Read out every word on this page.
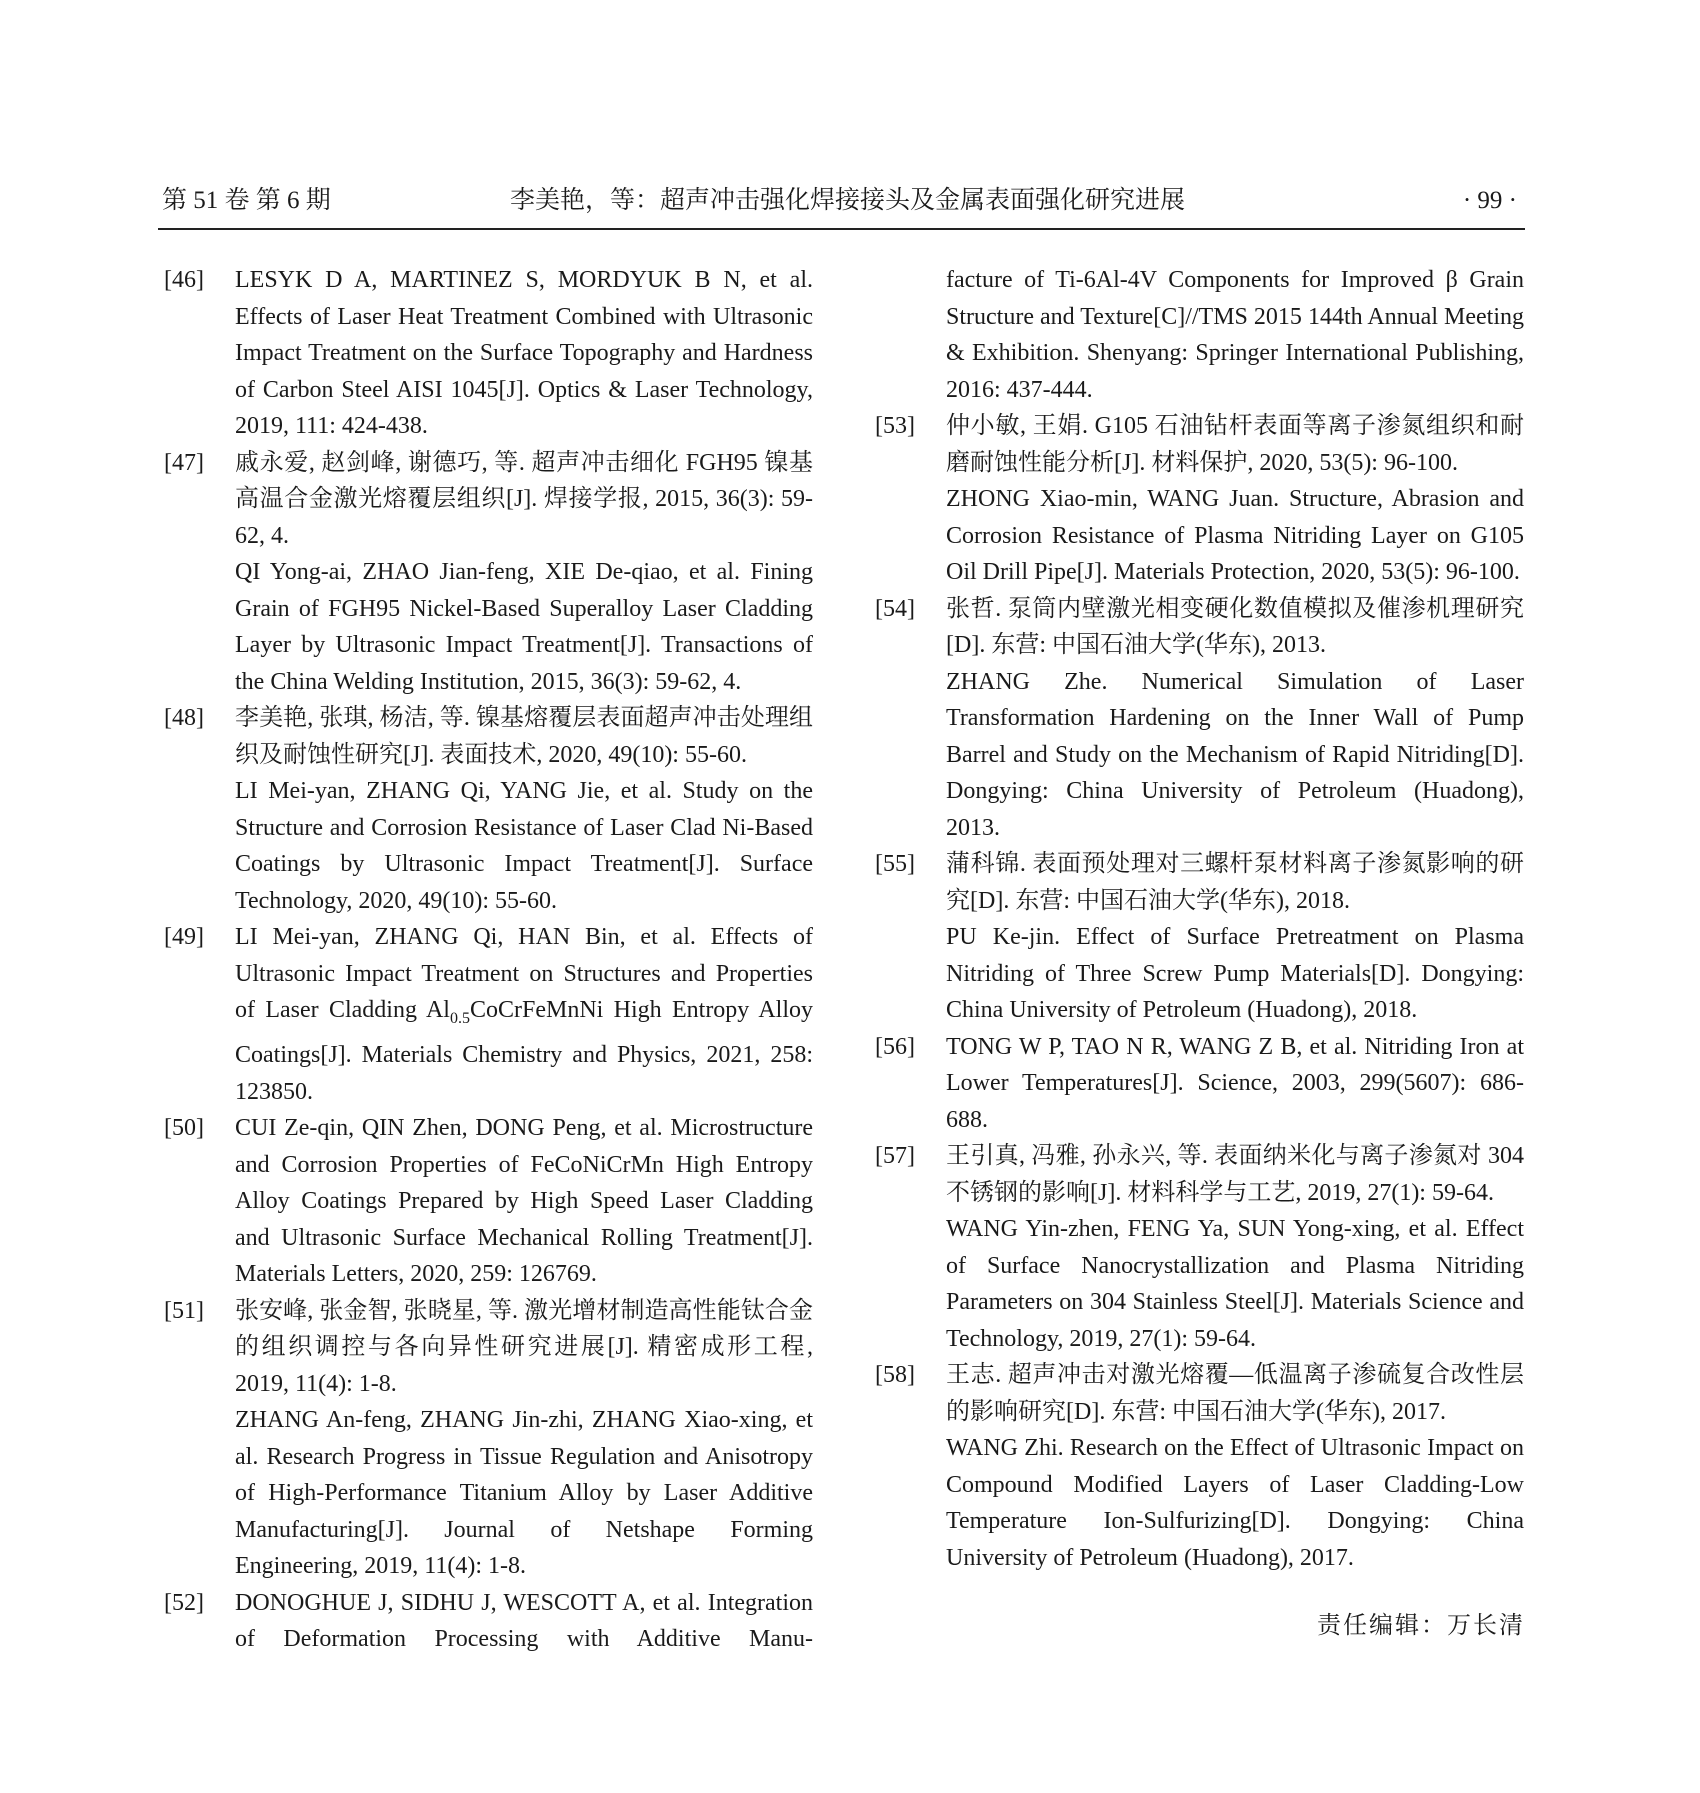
第 51 卷 第 6 期	李美艳，等：超声冲击强化焊接接头及金属表面强化研究进展	· 99 ·
[46] LESYK D A, MARTINEZ S, MORDYUK B N, et al. Effects of Laser Heat Treatment Combined with Ultrasonic Impact Treatment on the Surface Topography and Hardness of Carbon Steel AISI 1045[J]. Optics & Laser Technology, 2019, 111: 424-438.
[47] 戚永爱, 赵剑峰, 谢德巧, 等. 超声冲击细化 FGH95 镍基高温合金激光熔覆层组织[J]. 焊接学报, 2015, 36(3): 59-62, 4.
QI Yong-ai, ZHAO Jian-feng, XIE De-qiao, et al. Fining Grain of FGH95 Nickel-Based Superalloy Laser Cladding Layer by Ultrasonic Impact Treatment[J]. Transactions of the China Welding Institution, 2015, 36(3): 59-62, 4.
[48] 李美艳, 张琪, 杨洁, 等. 镍基熔覆层表面超声冲击处理组织及耐蚀性研究[J]. 表面技术, 2020, 49(10): 55-60.
LI Mei-yan, ZHANG Qi, YANG Jie, et al. Study on the Structure and Corrosion Resistance of Laser Clad Ni-Based Coatings by Ultrasonic Impact Treatment[J]. Surface Technology, 2020, 49(10): 55-60.
[49] LI Mei-yan, ZHANG Qi, HAN Bin, et al. Effects of Ultrasonic Impact Treatment on Structures and Properties of Laser Cladding $Al_{0.5}CoCrFeMnNi$ High Entropy Alloy Coatings[J]. Materials Chemistry and Physics, 2021, 258: 123850.
[50] CUI Ze-qin, QIN Zhen, DONG Peng, et al. Microstructure and Corrosion Properties of FeCoNiCrMn High Entropy Alloy Coatings Prepared by High Speed Laser Cladding and Ultrasonic Surface Mechanical Rolling Treatment[J]. Materials Letters, 2020, 259: 126769.
[51] 张安峰, 张金智, 张晓星, 等. 激光增材制造高性能钛合金的组织调控与各向异性研究进展[J]. 精密成形工程, 2019, 11(4): 1-8.
ZHANG An-feng, ZHANG Jin-zhi, ZHANG Xiao-xing, et al. Research Progress in Tissue Regulation and Anisotropy of High-Performance Titanium Alloy by Laser Additive Manufacturing[J]. Journal of Netshape Forming Engineering, 2019, 11(4): 1-8.
[52] DONOGHUE J, SIDHU J, WESCOTT A, et al. Integration of Deformation Processing with Additive Manu-
facture of Ti-6Al-4V Components for Improved β Grain Structure and Texture[C]//TMS 2015 144th Annual Meeting & Exhibition. Shenyang: Springer International Publishing, 2016: 437-444.
[53] 仲小敏, 王娟. G105 石油钻杆表面等离子渗氮组织和耐磨耐蚀性能分析[J]. 材料保护, 2020, 53(5): 96-100.
ZHONG Xiao-min, WANG Juan. Structure, Abrasion and Corrosion Resistance of Plasma Nitriding Layer on G105 Oil Drill Pipe[J]. Materials Protection, 2020, 53(5): 96-100.
[54] 张哲. 泵筒内壁激光相变硬化数值模拟及催渗机理研究[D]. 东营: 中国石油大学(华东), 2013.
ZHANG Zhe. Numerical Simulation of Laser Transformation Hardening on the Inner Wall of Pump Barrel and Study on the Mechanism of Rapid Nitriding[D]. Dongying: China University of Petroleum (Huadong), 2013.
[55] 蒲科锦. 表面预处理对三螺杆泵材料离子渗氮影响的研究[D]. 东营: 中国石油大学(华东), 2018.
PU Ke-jin. Effect of Surface Pretreatment on Plasma Nitriding of Three Screw Pump Materials[D]. Dongying: China University of Petroleum (Huadong), 2018.
[56] TONG W P, TAO N R, WANG Z B, et al. Nitriding Iron at Lower Temperatures[J]. Science, 2003, 299(5607): 686-688.
[57] 王引真, 冯雅, 孙永兴, 等. 表面纳米化与离子渗氮对 304 不锈钢的影响[J]. 材料科学与工艺, 2019, 27(1): 59-64.
WANG Yin-zhen, FENG Ya, SUN Yong-xing, et al. Effect of Surface Nanocrystallization and Plasma Nitriding Parameters on 304 Stainless Steel[J]. Materials Science and Technology, 2019, 27(1): 59-64.
[58] 王志. 超声冲击对激光熔覆—低温离子渗硫复合改性层的影响研究[D]. 东营: 中国石油大学(华东), 2017.
WANG Zhi. Research on the Effect of Ultrasonic Impact on Compound Modified Layers of Laser Cladding-Low Temperature Ion-Sulfurizing[D]. Dongying: China University of Petroleum (Huadong), 2017.
责任编辑：万长清
